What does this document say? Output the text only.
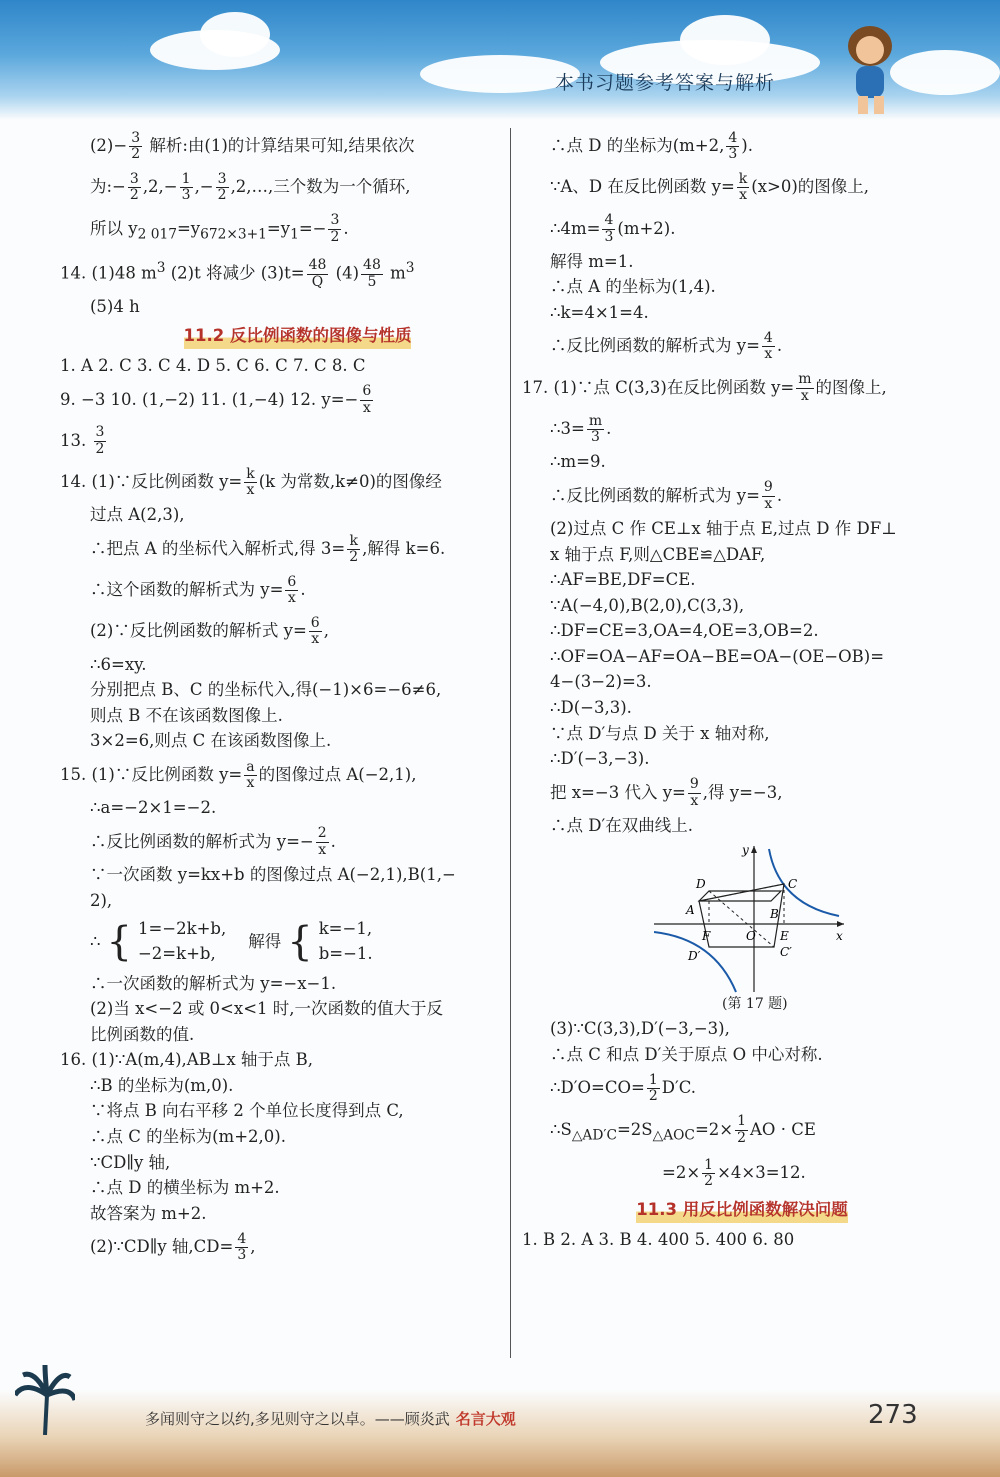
本书习题参考答案与解析

$(2)- \frac{3}{2}$ 解析:由(1)的计算结果可知,结果依次

为:− $\frac{3}{2} ,2,- \frac{1}{3}$ ,− $\frac{3}{2}$ ,2,…,三个数为一个循环,

所以 $y_{2 017}=y_{672\times 3+1}=y_1=- \frac{3}{2}$ .

14. (1)48 $m^3$ (2)t 将减少 $(3)t= \frac{48}{Q} (4) \frac{48}{5} m^3$

(5)4 h

11.2 反比例函数的图像与性质

1. A 2. C 3. C 4. D 5. C 6. C 7. C 8. C

9. −3 10. (1,−2) 11. (1,−4) 12. $y=- \frac{6}{x}$

13. $\frac{3}{2}$

14. (1)∵反比例函数 $y= \frac{k}{x} (k$ 为常数,k≠0)的图像经

过点 A(2,3),

∴把点 A 的坐标代入解析式,得 $3= \frac{k}{2}$ ,解得 k=6.

∴这个函数的解析式为 $y= \frac{6}{x}$ .

(2)∵反比例函数的解析式 $y= \frac{6}{x}$ ,

∴6=xy.

分别把点 B、C 的坐标代入,得(−1)×6=−6≠6,

则点 B 不在该函数图像上.

3×2=6,则点 C 在该函数图像上.

15. (1)∵反比例函数 $y= \frac{a}{x}$ 的图像过点 A(−2,1),

∴a=−2×1=−2.

∴反比例函数的解析式为 $y=- \frac{2}{x}$ .

∵一次函数 y=kx+b 的图像过点 A(−2,1),B(1,−

2),

∴ { 1=−2k+b,
−2=k+b,
解得 { k=−1,
b=−1.

∴一次函数的解析式为 y=−x−1.

(2)当 x<−2 或 0<x<1 时,一次函数的值大于反

比例函数的值.

16. (1)∵A(m,4),AB⊥x 轴于点 B,

∴B 的坐标为(m,0).

∵将点 B 向右平移 2 个单位长度得到点 C,

∴点 C 的坐标为(m+2,0).

∵CD∥y 轴,

∴点 D 的横坐标为 m+2.

故答案为 m+2.

(2)∵CD∥y 轴$,CD= \frac{4}{3}$ ,

∴点 D 的坐标为(m+2, $\frac{4}{3}$ ).

∵A、D 在反比例函数 $y= \frac{k}{x} (x>0)$的图像上,

∴4m= $\frac{4}{3} (m+2)$.

解得 m=1.

∴点 A 的坐标为(1,4).

∴k=4×1=4.

∴反比例函数的解析式为 $y= \frac{4}{x}$ .

17. (1)∵点 C(3,3)在反比例函数 $y= \frac{m}{x}$ 的图像上,

∴3= $\frac{m}{3}$ .

∴m=9.

∴反比例函数的解析式为 $y= \frac{9}{x}$ .

(2)过点 C 作 CE⊥x 轴于点 E,过点 D 作 DF⊥

x 轴于点 F,则△CBE≌△DAF,

∴AF=BE,DF=CE.

∵A(−4,0),B(2,0),C(3,3),

∴DF=CE=3,OA=4,OE=3,OB=2.

∴OF=OA−AF=OA−BE=OA−(OE−OB)=

4−(3−2)=3.

∴D(−3,3).

∵点 D′与点 D 关于 x 轴对称,

∴D′(−3,−3).

把 x=−3 代入 $y= \frac{9}{x}$ ,得 y=−3,

∴点 D′在双曲线上.

y
x
D	C
A
F	O
B
E
D′	C′

(第 17 题)

(3)∵C(3,3),D′(−3,−3),

∴点 C 和点 D′关于原点 O 中心对称.

∴D′O=CO= $\frac{1}{2} D'C$.

$\therefore S_{\triangle AD'C}=2S_{\triangle AOC}=2\times \frac{1}{2}$ AO · CE

$=2\times \frac{1}{2} \times 4\times 3=12$.

11.3 用反比例函数解决问题

1. B 2. A 3. B 4. 400 5. 400 6. 80

多闻则守之以约,多见则守之以卓。——顾炎武 名言大观	273
